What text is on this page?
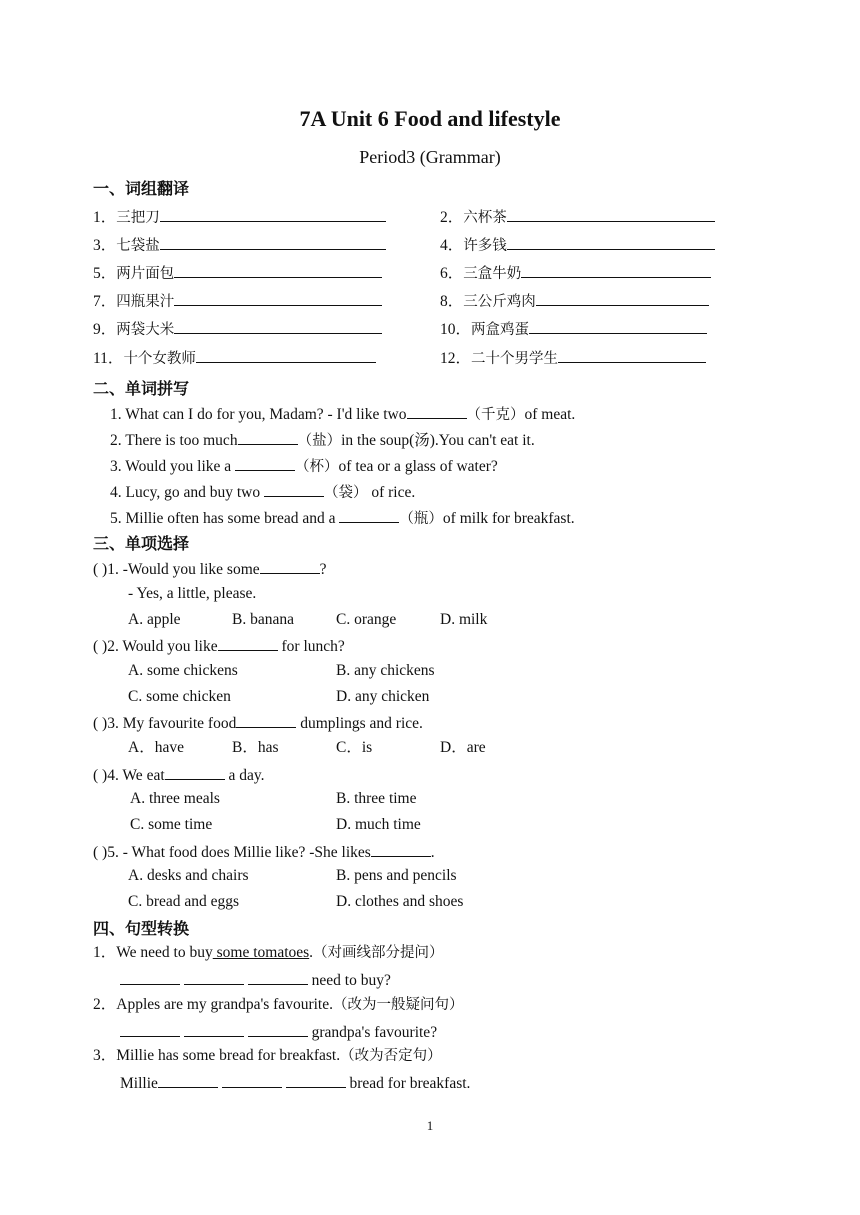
7A Unit 6 Food and lifestyle
Period3 (Grammar)
一、词组翻译
1．三把刀	2．六杯茶
3．七袋盐	4．许多钱
5．两片面包	6．三盒牛奶
7．四瓶果汁	8．三公斤鸡肉
9．两袋大米	10．两盒鸡蛋
11．十个女教师	12．二十个男学生
二、单词拼写
1. What can I do for you, Madam? - I'd like two	（千克）of meat.
2. There is too much	（盐）in the soup(汤).You can't eat it.
3. Would you like a	（杯）of tea or a glass of water?
4. Lucy, go and buy two	（袋） of rice.
5. Millie often has some bread and a	（瓶）of milk for breakfast.
三、单项选择
( )1. -Would you like some	?
- Yes, a little, please.
A. apple	B. banana	C. orange	D. milk
( )2. Would you like	for lunch?
A. some chickens	B. any chickens
C. some chicken	D. any chicken
( )3. My favourite food	dumplings and rice.
A．have	B．has	C．is	D．are
( )4. We eat	a day.
A. three meals	B. three time
C. some time	D. much time
( )5. - What food does Millie like? -She likes	.
A. desks and chairs	B. pens and pencils
C. bread and eggs	D. clothes and shoes
四、句型转换
1．We need to buy some tomatoes.（对画线部分提问）
need to buy?
2．Apples are my grandpa's favourite.（改为一般疑问句）
grandpa's favourite?
3．Millie has some bread for breakfast.（改为否定句）
Millie	bread for breakfast.
1
